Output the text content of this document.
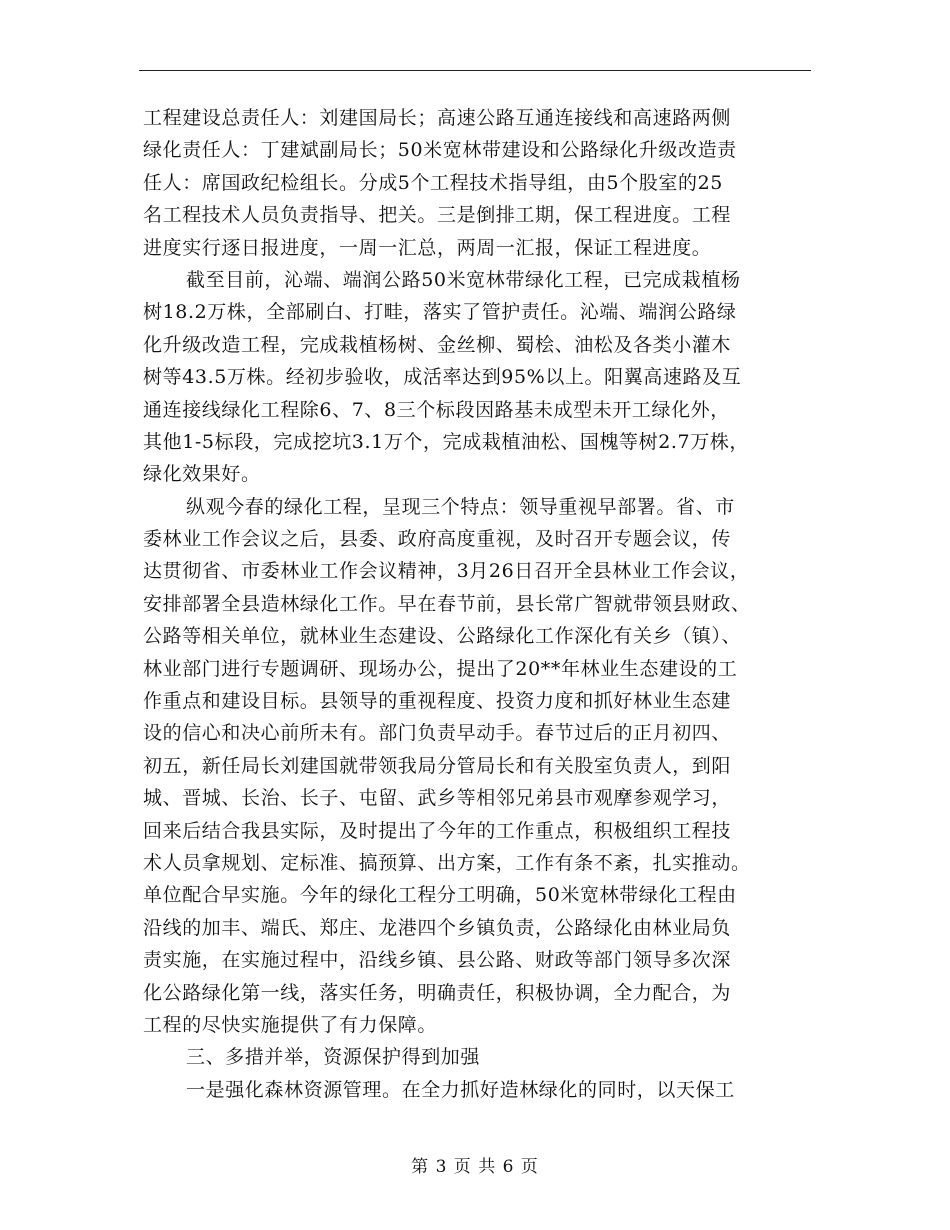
工程建设总责任人：刘建国局长；高速公路互通连接线和高速路两侧
绿化责任人：丁建斌副局长；50米宽林带建设和公路绿化升级改造责
任人：席国政纪检组长。分成5个工程技术指导组，由5个股室的25
名工程技术人员负责指导、把关。三是倒排工期，保工程进度。工程
进度实行逐日报进度，一周一汇总，两周一汇报，保证工程进度。
截至目前，沁端、端润公路50米宽林带绿化工程，已完成栽植杨
树18.2万株，全部刷白、打畦，落实了管护责任。沁端、端润公路绿
化升级改造工程，完成栽植杨树、金丝柳、蜀桧、油松及各类小灌木
树等43.5万株。经初步验收，成活率达到95%以上。阳翼高速路及互
通连接线绿化工程除6、7、8三个标段因路基未成型未开工绿化外，
其他1-5标段，完成挖坑3.1万个，完成栽植油松、国槐等树2.7万株，
绿化效果好。
纵观今春的绿化工程，呈现三个特点：领导重视早部署。省、市
委林业工作会议之后，县委、政府高度重视，及时召开专题会议，传
达贯彻省、市委林业工作会议精神，3月26日召开全县林业工作会议，
安排部署全县造林绿化工作。早在春节前，县长常广智就带领县财政、
公路等相关单位，就林业生态建设、公路绿化工作深化有关乡（镇）、
林业部门进行专题调研、现场办公，提出了20**年林业生态建设的工
作重点和建设目标。县领导的重视程度、投资力度和抓好林业生态建
设的信心和决心前所未有。部门负责早动手。春节过后的正月初四、
初五，新任局长刘建国就带领我局分管局长和有关股室负责人，到阳
城、晋城、长治、长子、屯留、武乡等相邻兄弟县市观摩参观学习，
回来后结合我县实际，及时提出了今年的工作重点，积极组织工程技
术人员拿规划、定标准、搞预算、出方案，工作有条不紊，扎实推动。
单位配合早实施。今年的绿化工程分工明确，50米宽林带绿化工程由
沿线的加丰、端氏、郑庄、龙港四个乡镇负责，公路绿化由林业局负
责实施，在实施过程中，沿线乡镇、县公路、财政等部门领导多次深
化公路绿化第一线，落实任务，明确责任，积极协调，全力配合，为
工程的尽快实施提供了有力保障。
三、多措并举，资源保护得到加强
一是强化森林资源管理。在全力抓好造林绿化的同时，以天保工
第 3 页 共 6 页
